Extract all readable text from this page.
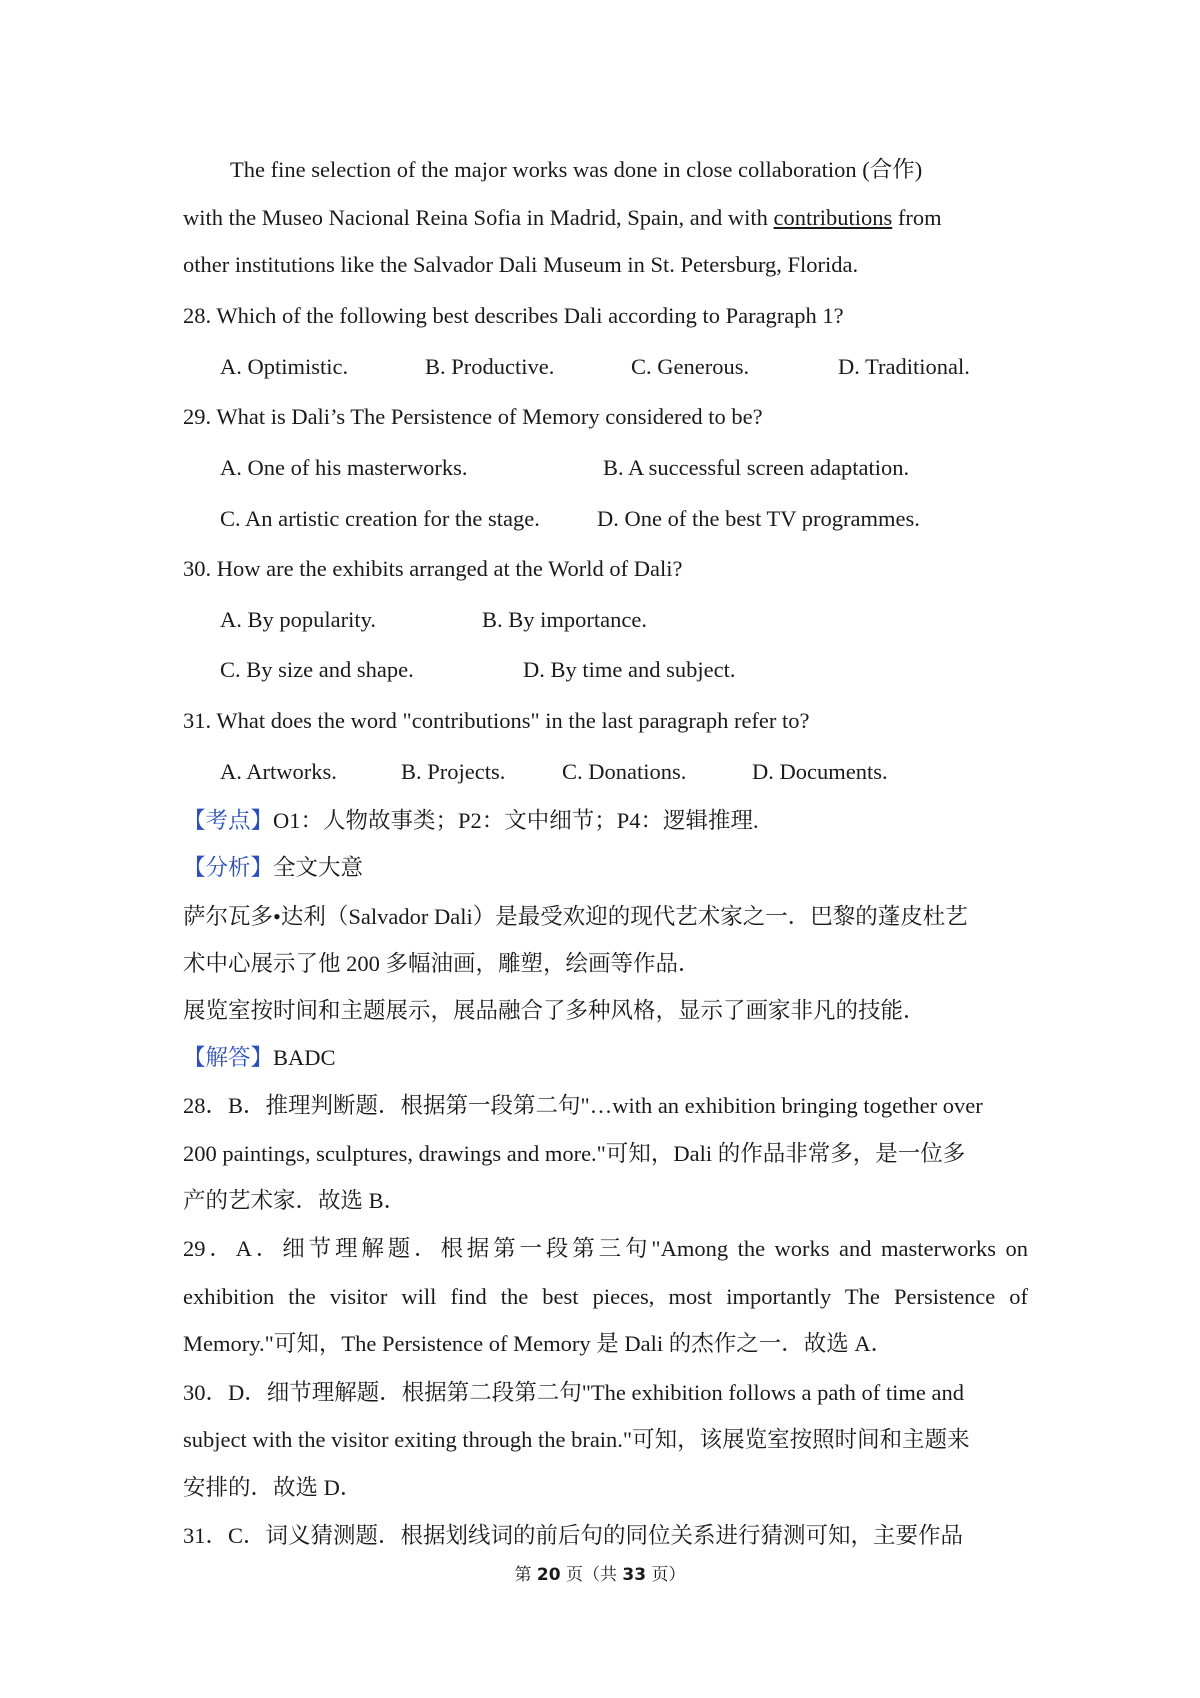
The fine selection of the major works was done in close collaboration (合作)
with the Museo Nacional Reina Sofia in Madrid, Spain, and with contributions from
other institutions like the Salvador Dali Museum in St. Petersburg, Florida.
28. Which of the following best describes Dali according to Paragraph 1?
A. Optimistic.	B. Productive.	C. Generous.	D. Traditional.
29. What is Dali’s The Persistence of Memory considered to be?
A. One of his masterworks.	B. A successful screen adaptation.
C. An artistic creation for the stage.	D. One of the best TV programmes.
30. How are the exhibits arranged at the World of Dali?
A. By popularity.	B. By importance.
C. By size and shape.	D. By time and subject.
31. What does the word "contributions" in the last paragraph refer to?
A. Artworks.	B. Projects.	C. Donations.	D. Documents.
【考点】O1：人物故事类；P2：文中细节；P4：逻辑推理.
【分析】全文大意
萨尔瓦多•达利（Salvador Dali）是最受欢迎的现代艺术家之一．巴黎的蓬皮杜艺
术中心展示了他 200 多幅油画，雕塑，绘画等作品．
展览室按时间和主题展示，展品融合了多种风格，显示了画家非凡的技能．
【解答】BADC
28．B．推理判断题．根据第一段第二句"…with an exhibition bringing together over
200 paintings, sculptures, drawings and more."可知，Dali 的作品非常多，是一位多
产的艺术家．故选 B．
29．A．细节理解题．根据第一段第三句"Among the works and masterworks on
exhibition the visitor will find the best pieces, most importantly The Persistence of
Memory."可知，The Persistence of Memory 是 Dali 的杰作之一．故选 A．
30．D．细节理解题．根据第二段第二句"The exhibition follows a path of time and
subject with the visitor exiting through the brain."可知，该展览室按照时间和主题来
安排的．故选 D．
31．C．词义猜测题．根据划线词的前后句的同位关系进行猜测可知，主要作品
第 20 页（共 33 页）
